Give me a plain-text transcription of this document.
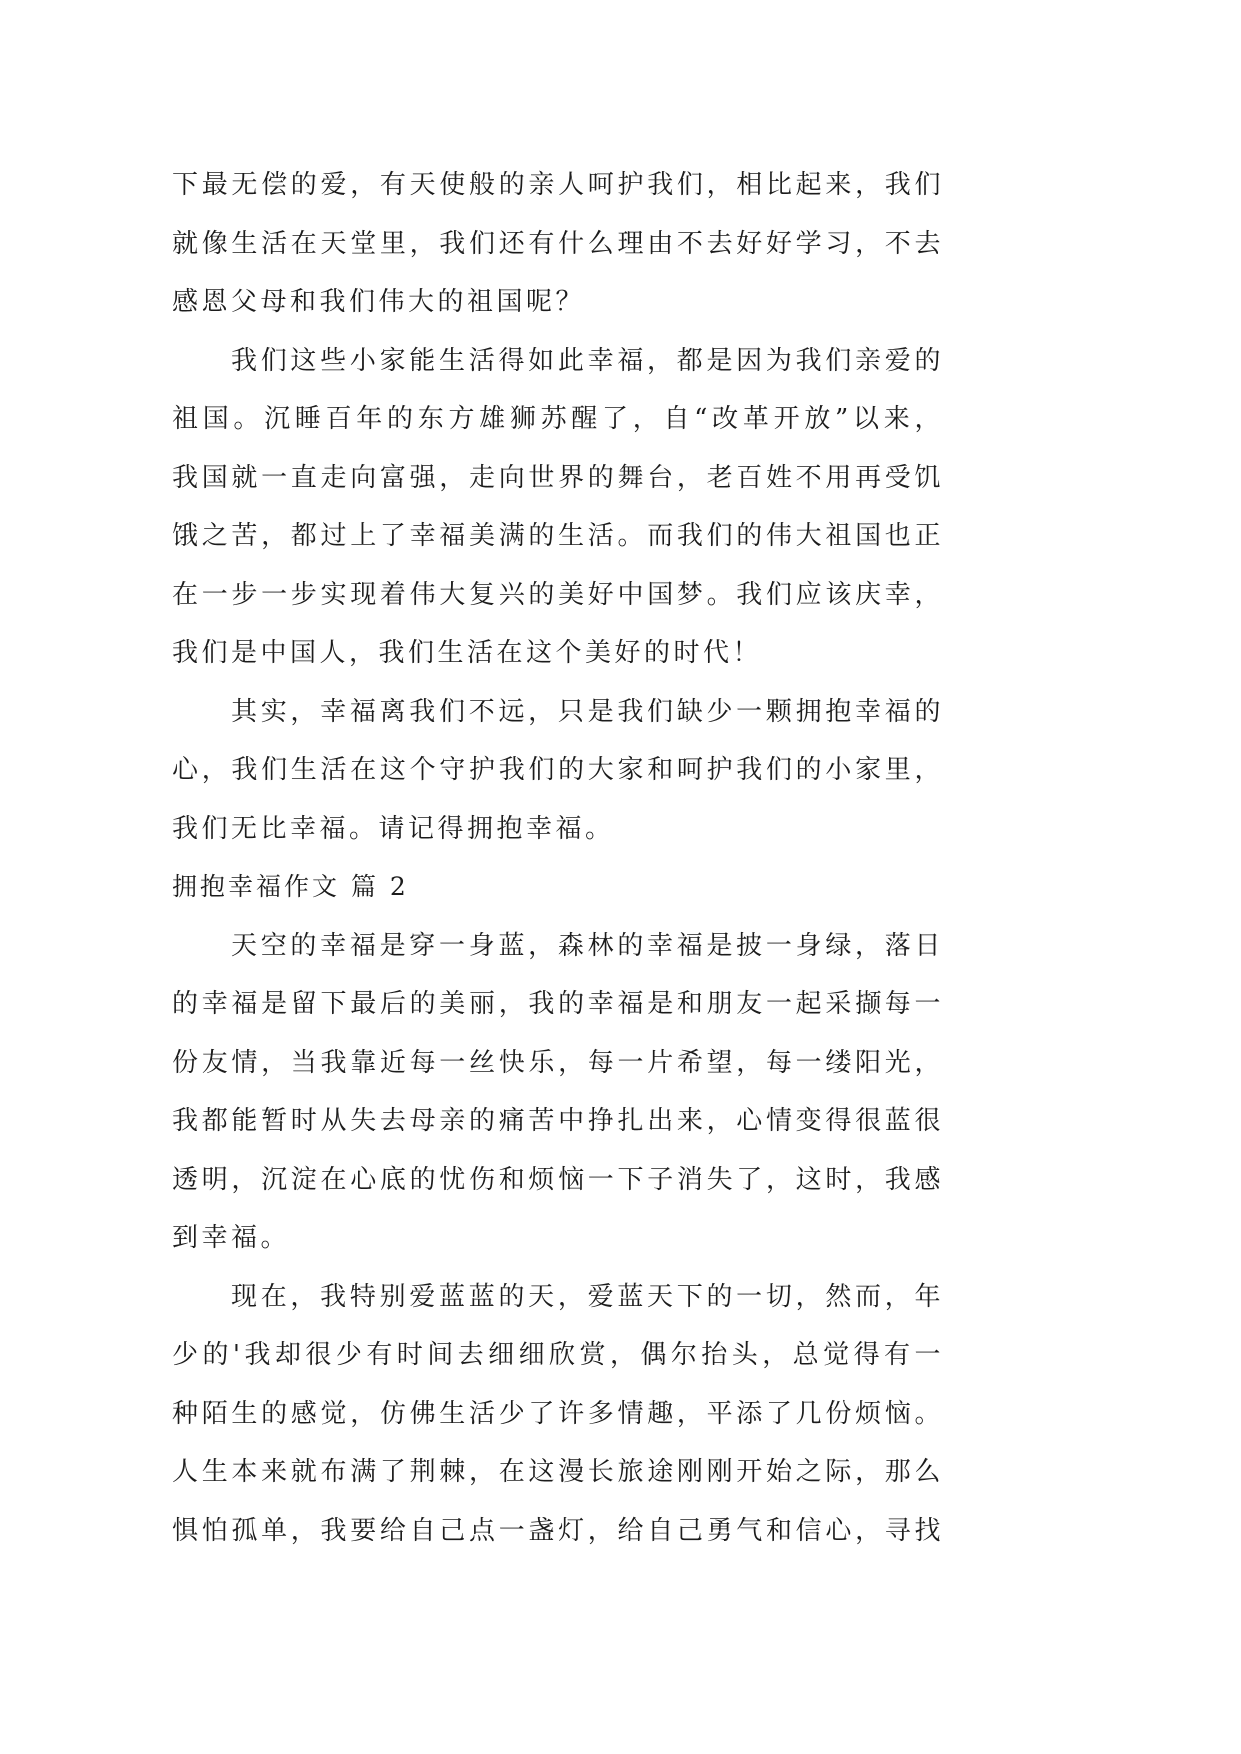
下最无偿的爱，有天使般的亲人呵护我们，相比起来，我们
就像生活在天堂里，我们还有什么理由不去好好学习，不去
感恩父母和我们伟大的祖国呢？
我们这些小家能生活得如此幸福，都是因为我们亲爱的
祖国。沉睡百年的东方雄狮苏醒了，自“改革开放”以来，
我国就一直走向富强，走向世界的舞台，老百姓不用再受饥
饿之苦，都过上了幸福美满的生活。而我们的伟大祖国也正
在一步一步实现着伟大复兴的美好中国梦。我们应该庆幸，
我们是中国人，我们生活在这个美好的时代！
其实，幸福离我们不远，只是我们缺少一颗拥抱幸福的
心，我们生活在这个守护我们的大家和呵护我们的小家里，
我们无比幸福。请记得拥抱幸福。
拥抱幸福作文 篇 2
天空的幸福是穿一身蓝，森林的幸福是披一身绿，落日
的幸福是留下最后的美丽，我的幸福是和朋友一起采撷每一
份友情，当我靠近每一丝快乐，每一片希望，每一缕阳光，
我都能暂时从失去母亲的痛苦中挣扎出来，心情变得很蓝很
透明，沉淀在心底的忧伤和烦恼一下子消失了，这时，我感
到幸福。
现在，我特别爱蓝蓝的天，爱蓝天下的一切，然而，年
少的'我却很少有时间去细细欣赏，偶尔抬头，总觉得有一
种陌生的感觉，仿佛生活少了许多情趣，平添了几份烦恼。
人生本来就布满了荆棘，在这漫长旅途刚刚开始之际，那么
惧怕孤单，我要给自己点一盏灯，给自己勇气和信心，寻找
